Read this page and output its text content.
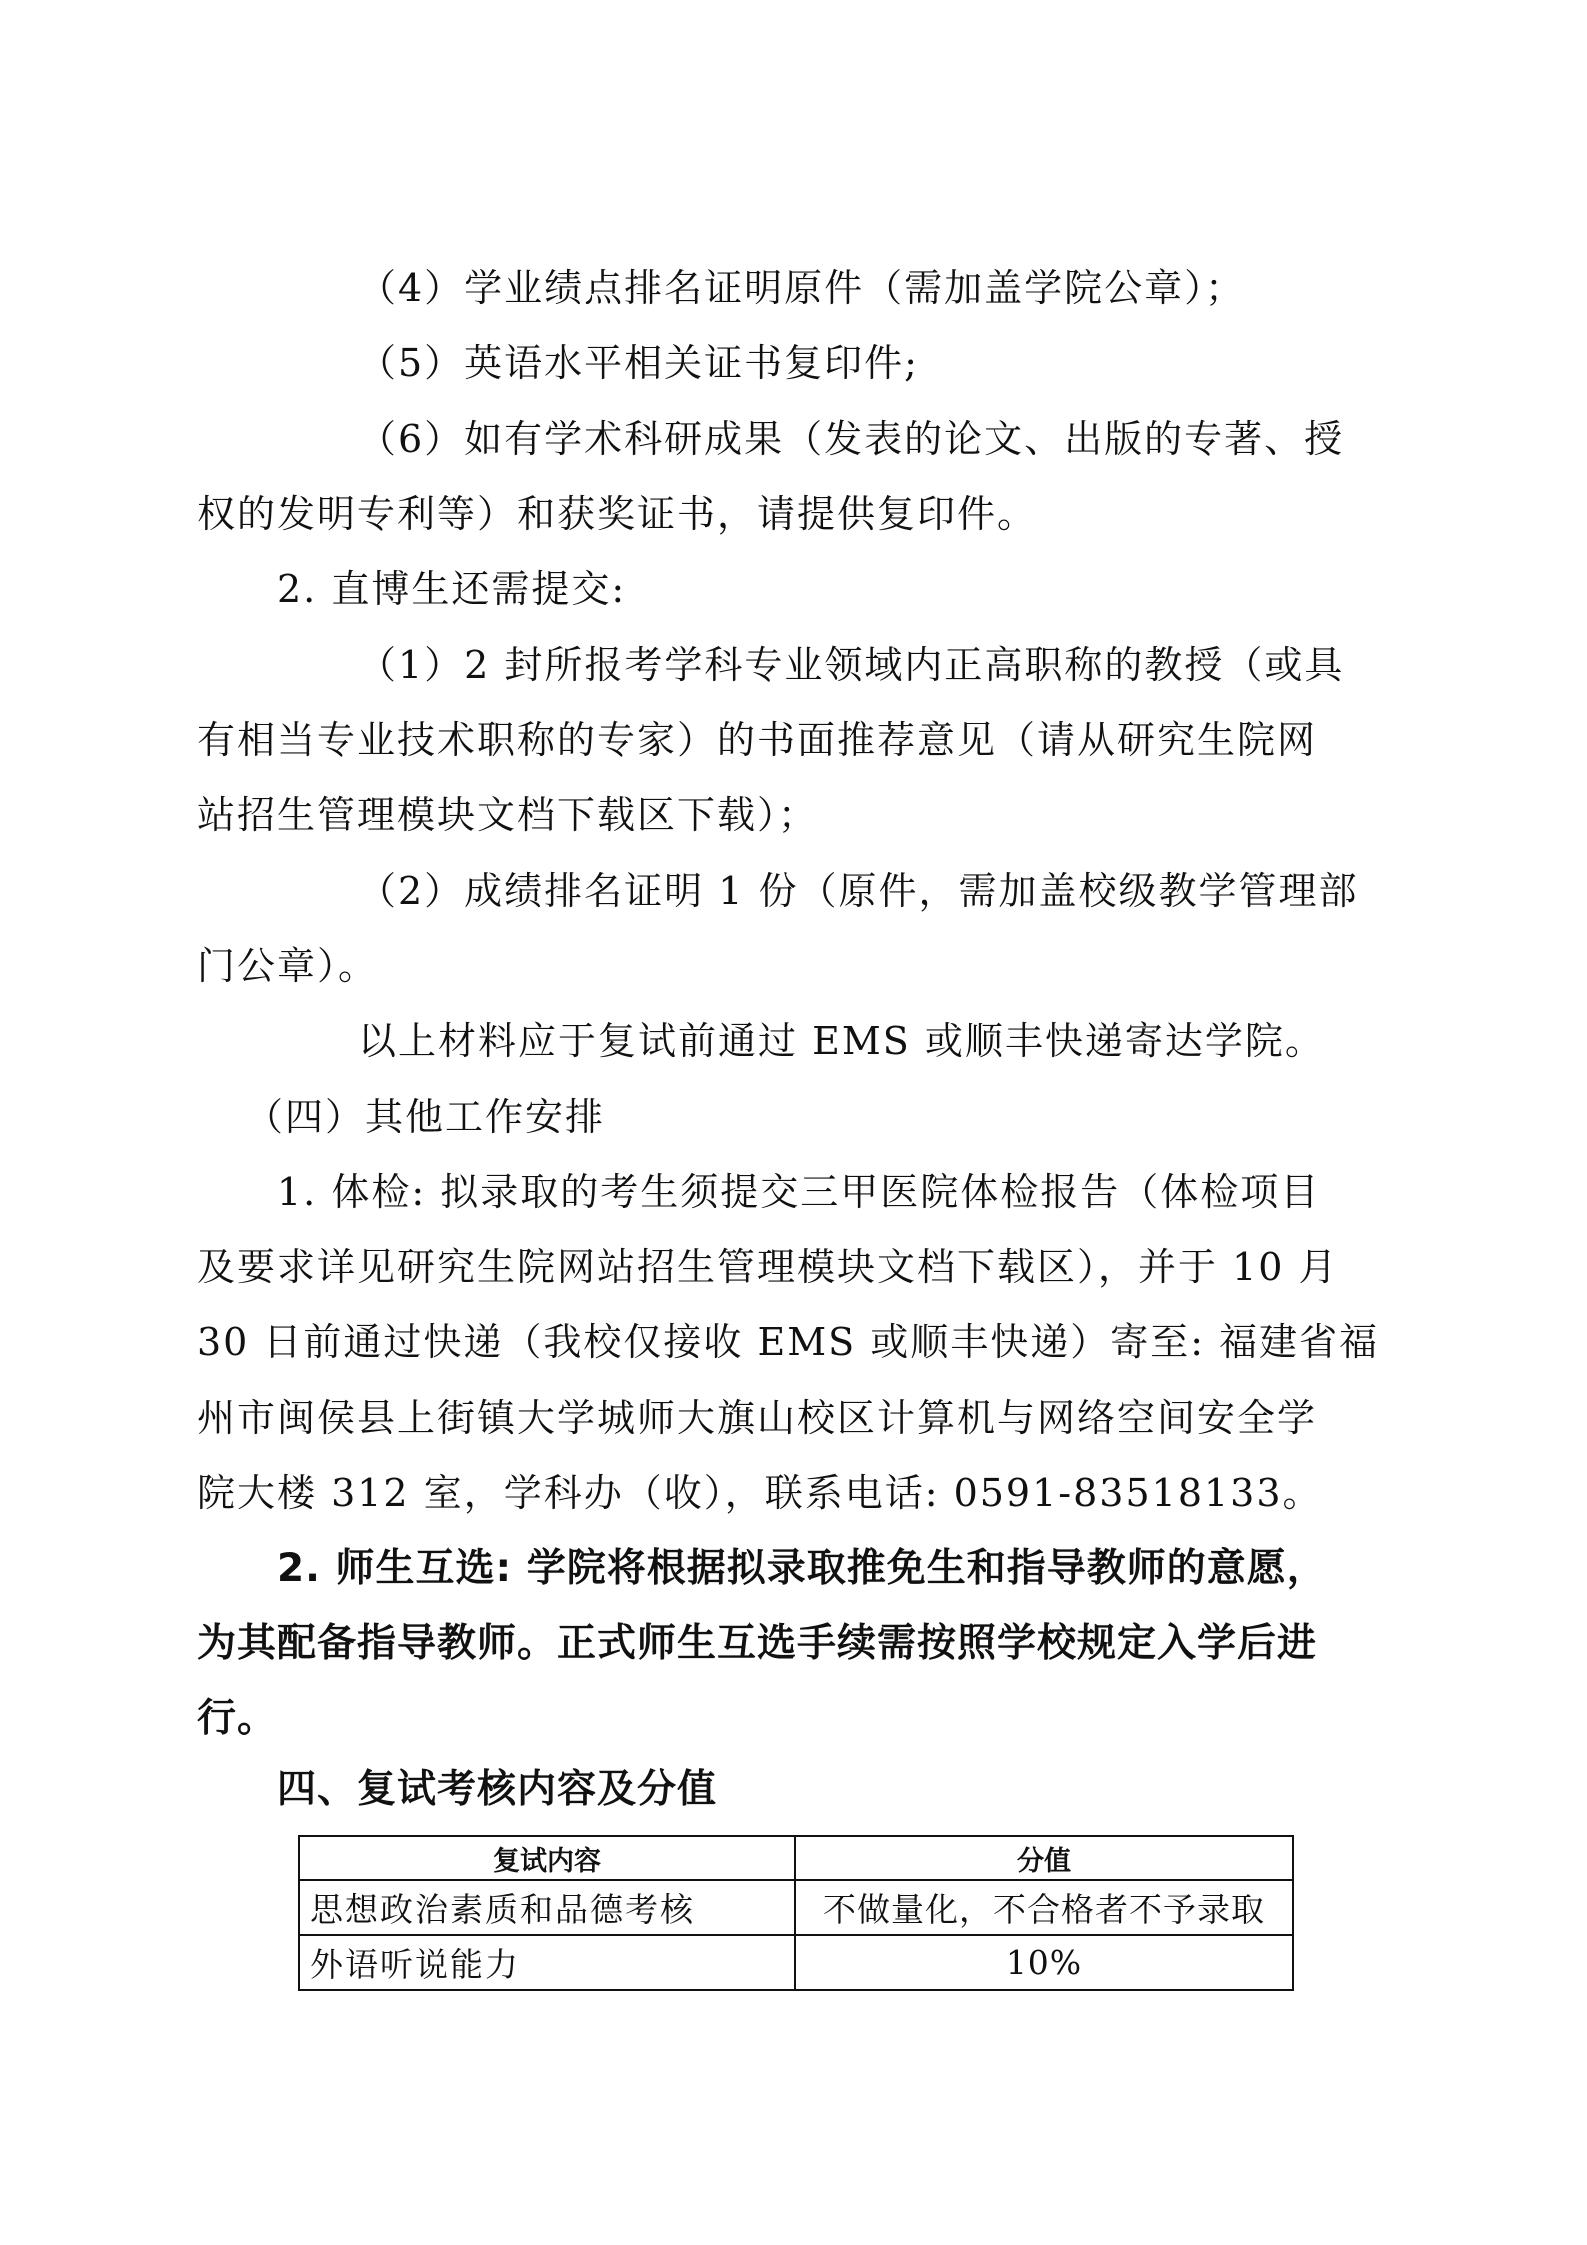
（4）学业绩点排名证明原件（需加盖学院公章）；
（5）英语水平相关证书复印件;
（6）如有学术科研成果（发表的论文、出版的专著、授
权的发明专利等）和获奖证书，请提供复印件。
2. 直博生还需提交:
（1）2 封所报考学科专业领域内正高职称的教授（或具
有相当专业技术职称的专家）的书面推荐意见（请从研究生院网
站招生管理模块文档下载区下载）；
（2）成绩排名证明 1 份（原件，需加盖校级教学管理部
门公章）。
以上材料应于复试前通过 EMS 或顺丰快递寄达学院。
（四）其他工作安排
1. 体检: 拟录取的考生须提交三甲医院体检报告（体检项目
及要求详见研究生院网站招生管理模块文档下载区），并于 10 月
30 日前通过快递（我校仅接收 EMS 或顺丰快递）寄至: 福建省福
州市闽侯县上街镇大学城师大旗山校区计算机与网络空间安全学
院大楼 312 室，学科办（收），联系电话: 0591-83518133。
2. 师生互选: 学院将根据拟录取推免生和指导教师的意愿，
为其配备指导教师。正式师生互选手续需按照学校规定入学后进
行。
四、复试考核内容及分值
复试内容	分值
思想政治素质和品德考核	不做量化，不合格者不予录取
外语听说能力	10%
